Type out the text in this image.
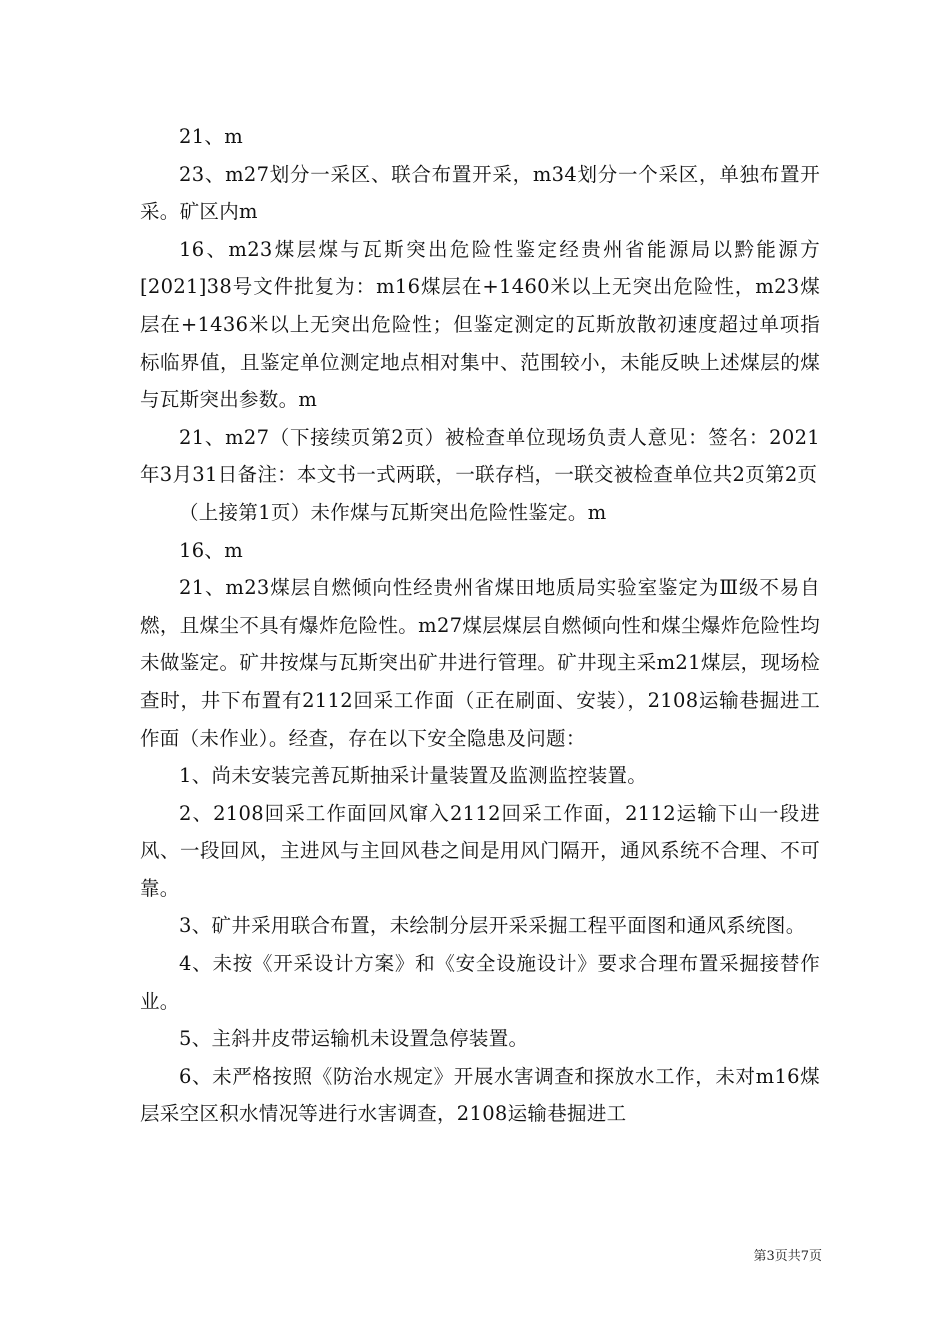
21、m

23、m27划分一采区、联合布置开采，m34划分一个采区，单独布置开采。矿区内m

16、m23煤层煤与瓦斯突出危险性鉴定经贵州省能源局以黔能源方[2021]38号文件批复为：m16煤层在+1460米以上无突出危险性，m23煤层在+1436米以上无突出危险性；但鉴定测定的瓦斯放散初速度超过单项指标临界值，且鉴定单位测定地点相对集中、范围较小，未能反映上述煤层的煤与瓦斯突出参数。m

21、m27（下接续页第2页）被检查单位现场负责人意见：签名：2021年3月31日备注：本文书一式两联，一联存档，一联交被检查单位共2页第2页

（上接第1页）未作煤与瓦斯突出危险性鉴定。m

16、m

21、m23煤层自燃倾向性经贵州省煤田地质局实验室鉴定为Ⅲ级不易自燃，且煤尘不具有爆炸危险性。m27煤层煤层自燃倾向性和煤尘爆炸危险性均未做鉴定。矿井按煤与瓦斯突出矿井进行管理。矿井现主采m21煤层，现场检查时，井下布置有2112回采工作面（正在刷面、安装），2108运输巷掘进工作面（未作业）。经查，存在以下安全隐患及问题：

1、尚未安装完善瓦斯抽采计量装置及监测监控装置。

2、2108回采工作面回风窜入2112回采工作面，2112运输下山一段进风、一段回风，主进风与主回风巷之间是用风门隔开，通风系统不合理、不可靠。

3、矿井采用联合布置，未绘制分层开采采掘工程平面图和通风系统图。

4、未按《开采设计方案》和《安全设施设计》要求合理布置采掘接替作业。

5、主斜井皮带运输机未设置急停装置。

6、未严格按照《防治水规定》开展水害调查和探放水工作，未对m16煤层采空区积水情况等进行水害调查，2108运输巷掘进工

第3页共7页
